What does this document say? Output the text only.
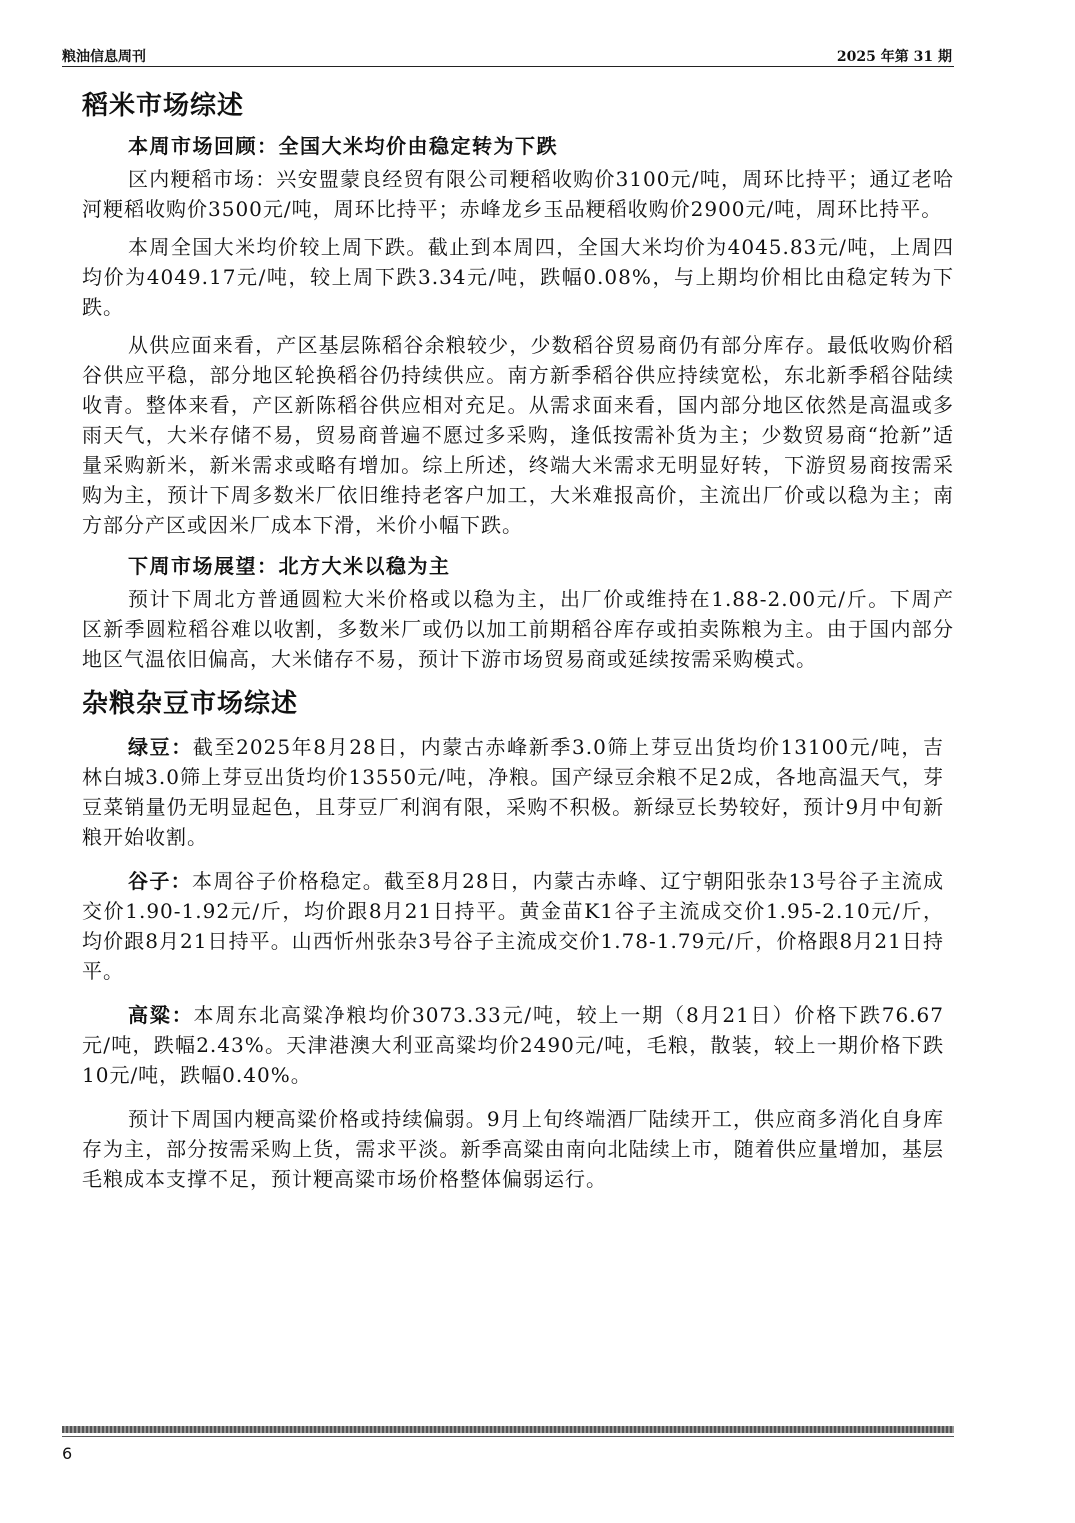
粮油信息周刊	2025 年第 31 期
稻米市场综述
本周市场回顾：全国大米均价由稳定转为下跌

区内粳稻市场：兴安盟蒙良经贸有限公司粳稻收购价3100元/吨，周环比持平；通辽老哈河粳稻收购价3500元/吨，周环比持平；赤峰龙乡玉品粳稻收购价2900元/吨，周环比持平。

本周全国大米均价较上周下跌。截止到本周四，全国大米均价为4045.83元/吨，上周四均价为4049.17元/吨，较上周下跌3.34元/吨，跌幅0.08%，与上期均价相比由稳定转为下跌。

从供应面来看，产区基层陈稻谷余粮较少，少数稻谷贸易商仍有部分库存。最低收购价稻谷供应平稳，部分地区轮换稻谷仍持续供应。南方新季稻谷供应持续宽松，东北新季稻谷陆续收青。整体来看，产区新陈稻谷供应相对充足。从需求面来看，国内部分地区依然是高温或多雨天气，大米存储不易，贸易商普遍不愿过多采购，逢低按需补货为主；少数贸易商“抢新”适量采购新米，新米需求或略有增加。综上所述，终端大米需求无明显好转，下游贸易商按需采购为主，预计下周多数米厂依旧维持老客户加工，大米难报高价，主流出厂价或以稳为主；南方部分产区或因米厂成本下滑，米价小幅下跌。

下周市场展望：北方大米以稳为主

预计下周北方普通圆粒大米价格或以稳为主，出厂价或维持在1.88-2.00元/斤。下周产区新季圆粒稻谷难以收割，多数米厂或仍以加工前期稻谷库存或拍卖陈粮为主。由于国内部分地区气温依旧偏高，大米储存不易，预计下游市场贸易商或延续按需采购模式。

杂粮杂豆市场综述

绿豆：截至2025年8月28日，内蒙古赤峰新季3.0筛上芽豆出货均价13100元/吨，吉林白城3.0筛上芽豆出货均价13550元/吨，净粮。国产绿豆余粮不足2成，各地高温天气，芽豆菜销量仍无明显起色，且芽豆厂利润有限，采购不积极。新绿豆长势较好，预计9月中旬新粮开始收割。

谷子：本周谷子价格稳定。截至8月28日，内蒙古赤峰、辽宁朝阳张杂13号谷子主流成交价1.90-1.92元/斤，均价跟8月21日持平。黄金苗K1谷子主流成交价1.95-2.10元/斤，均价跟8月21日持平。山西忻州张杂3号谷子主流成交价1.78-1.79元/斤，价格跟8月21日持平。

高粱：本周东北高粱净粮均价3073.33元/吨，较上一期（8月21日）价格下跌76.67元/吨，跌幅2.43%。天津港澳大利亚高粱均价2490元/吨，毛粮，散装，较上一期价格下跌10元/吨，跌幅0.40%。

预计下周国内粳高粱价格或持续偏弱。9月上旬终端酒厂陆续开工，供应商多消化自身库存为主，部分按需采购上货，需求平淡。新季高粱由南向北陆续上市，随着供应量增加，基层毛粮成本支撑不足，预计粳高粱市场价格整体偏弱运行。

6
